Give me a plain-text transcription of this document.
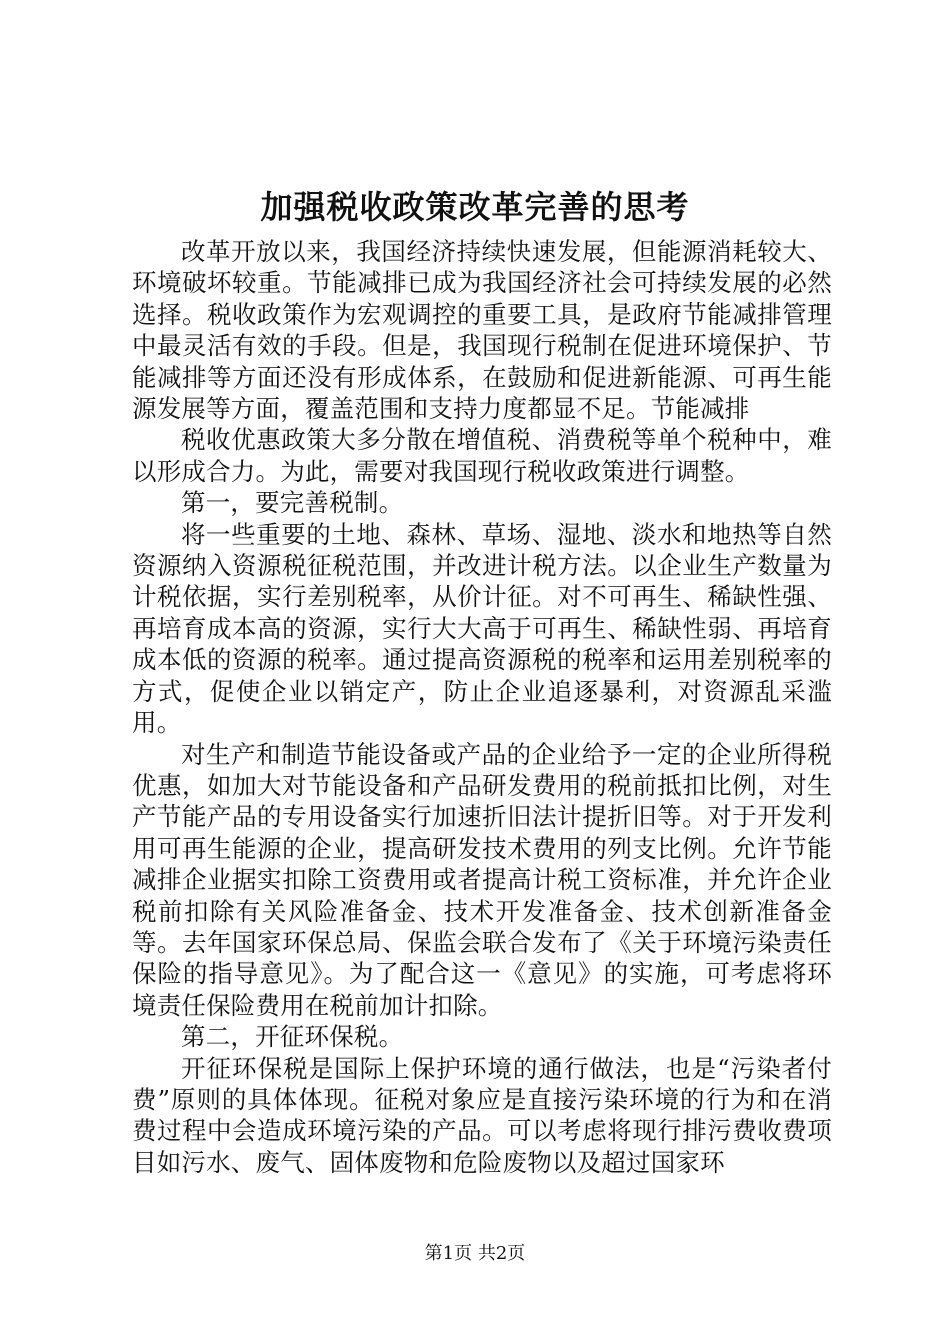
加强税收政策改革完善的思考

改革开放以来，我国经济持续快速发展，但能源消耗较大、环境破坏较重。节能减排已成为我国经济社会可持续发展的必然选择。税收政策作为宏观调控的重要工具，是政府节能减排管理中最灵活有效的手段。但是，我国现行税制在促进环境保护、节能减排等方面还没有形成体系，在鼓励和促进新能源、可再生能源发展等方面，覆盖范围和支持力度都显不足。节能减排

税收优惠政策大多分散在增值税、消费税等单个税种中，难以形成合力。为此，需要对我国现行税收政策进行调整。

第一，要完善税制。

将一些重要的土地、森林、草场、湿地、淡水和地热等自然资源纳入资源税征税范围，并改进计税方法。以企业生产数量为计税依据，实行差别税率，从价计征。对不可再生、稀缺性强、再培育成本高的资源，实行大大高于可再生、稀缺性弱、再培育成本低的资源的税率。通过提高资源税的税率和运用差别税率的方式，促使企业以销定产，防止企业追逐暴利，对资源乱采滥用。

对生产和制造节能设备或产品的企业给予一定的企业所得税优惠，如加大对节能设备和产品研发费用的税前抵扣比例，对生产节能产品的专用设备实行加速折旧法计提折旧等。对于开发利用可再生能源的企业，提高研发技术费用的列支比例。允许节能减排企业据实扣除工资费用或者提高计税工资标准，并允许企业税前扣除有关风险准备金、技术开发准备金、技术创新准备金等。去年国家环保总局、保监会联合发布了《关于环境污染责任保险的指导意见》。为了配合这一《意见》的实施，可考虑将环境责任保险费用在税前加计扣除。

第二，开征环保税。

开征环保税是国际上保护环境的通行做法，也是“污染者付费”原则的具体体现。征税对象应是直接污染环境的行为和在消费过程中会造成环境污染的产品。可以考虑将现行排污费收费项目如污水、废气、固体废物和危险废物以及超过国家环

第1页 共2页
